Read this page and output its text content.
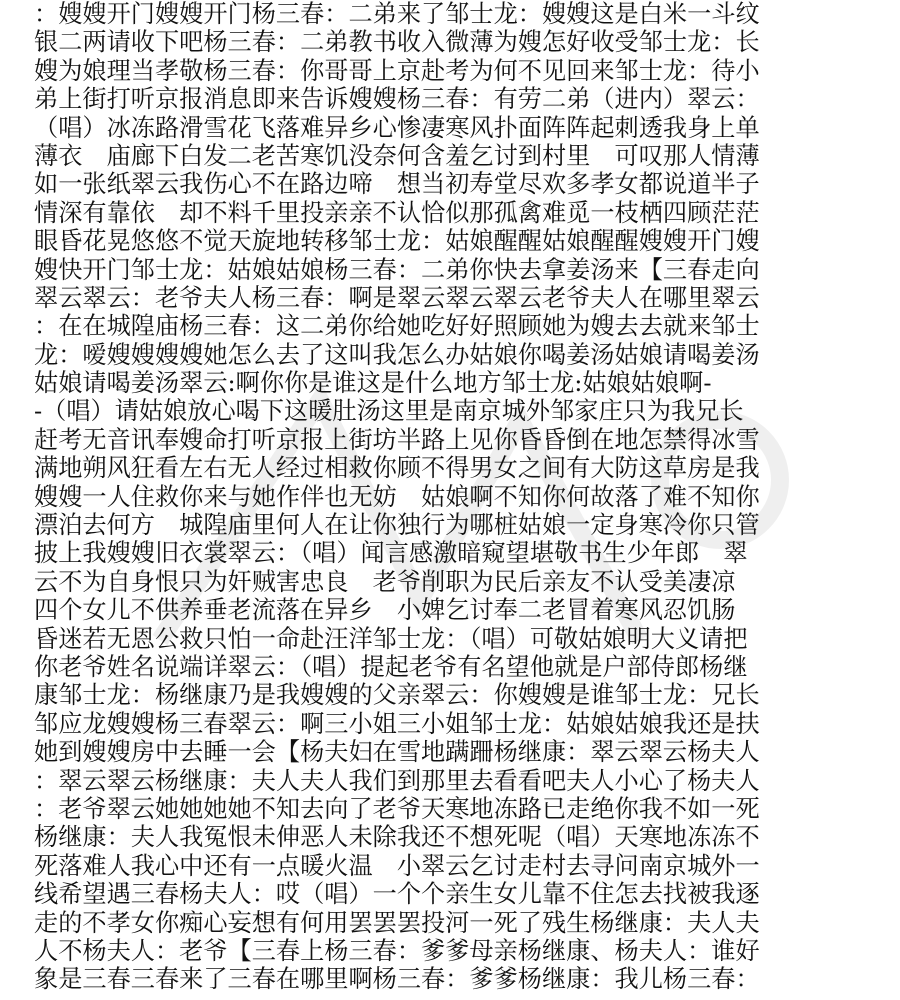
：嫂嫂开门嫂嫂开门杨三春：二弟来了邹士龙：嫂嫂这是白米一斗纹
银二两请收下吧杨三春：二弟教书收入微薄为嫂怎好收受邹士龙：长
嫂为娘理当孝敬杨三春：你哥哥上京赴考为何不见回来邹士龙：待小
弟上街打听京报消息即来告诉嫂嫂杨三春：有劳二弟（进内）翠云：
（唱）冰冻路滑雪花飞落难异乡心惨凄寒风扑面阵阵起刺透我身上单
薄衣　庙廊下白发二老苦寒饥没奈何含羞乞讨到村里　可叹那人情薄
如一张纸翠云我伤心不在路边啼　想当初寿堂尽欢多孝女都说道半子
情深有靠依　却不料千里投亲亲不认恰似那孤禽难觅一枝栖四顾茫茫
眼昏花晃悠悠不觉天旋地转移邹士龙：姑娘醒醒姑娘醒醒嫂嫂开门嫂
嫂快开门邹士龙：姑娘姑娘杨三春：二弟你快去拿姜汤来【三春走向
翠云翠云：老爷夫人杨三春：啊是翠云翠云翠云老爷夫人在哪里翠云
：在在城隍庙杨三春：这二弟你给她吃好好照顾她为嫂去去就来邹士
龙：嗳嫂嫂嫂嫂她怎么去了这叫我怎么办姑娘你喝姜汤姑娘请喝姜汤
姑娘请喝姜汤翠云:啊你你是谁这是什么地方邹士龙:姑娘姑娘啊-
-（唱）请姑娘放心喝下这暖肚汤这里是南京城外邹家庄只为我兄长
赶考无音讯奉嫂命打听京报上街坊半路上见你昏昏倒在地怎禁得冰雪
满地朔风狂看左右无人经过相救你顾不得男女之间有大防这草房是我
嫂嫂一人住救你来与她作伴也无妨　姑娘啊不知你何故落了难不知你
漂泊去何方　城隍庙里何人在让你独行为哪桩姑娘一定身寒冷你只管
披上我嫂嫂旧衣裳翠云：（唱）闻言感激暗窥望堪敬书生少年郎　翠
云不为自身恨只为奸贼害忠良　老爷削职为民后亲友不认受美凄凉
四个女儿不供养垂老流落在异乡　小婢乞讨奉二老冒着寒风忍饥肠
昏迷若无恩公救只怕一命赴汪洋邹士龙：（唱）可敬姑娘明大义请把
你老爷姓名说端详翠云：（唱）提起老爷有名望他就是户部侍郎杨继
康邹士龙：杨继康乃是我嫂嫂的父亲翠云：你嫂嫂是谁邹士龙：兄长
邹应龙嫂嫂杨三春翠云：啊三小姐三小姐邹士龙：姑娘姑娘我还是扶
她到嫂嫂房中去睡一会【杨夫妇在雪地蹒跚杨继康：翠云翠云杨夫人
：翠云翠云杨继康：夫人夫人我们到那里去看看吧夫人小心了杨夫人
：老爷翠云她她她她不知去向了老爷天寒地冻路已走绝你我不如一死
杨继康：夫人我冤恨未伸恶人未除我还不想死呢（唱）天寒地冻冻不
死落难人我心中还有一点暖火温　小翠云乞讨走村去寻问南京城外一
线希望遇三春杨夫人：哎（唱）一个个亲生女儿靠不住怎去找被我逐
走的不孝女你痴心妄想有何用罢罢罢投河一死了残生杨继康：夫人夫
人不杨夫人：老爷【三春上杨三春：爹爹母亲杨继康、杨夫人：谁好
象是三春三春来了三春在哪里啊杨三春：爹爹杨继康：我儿杨三春：
